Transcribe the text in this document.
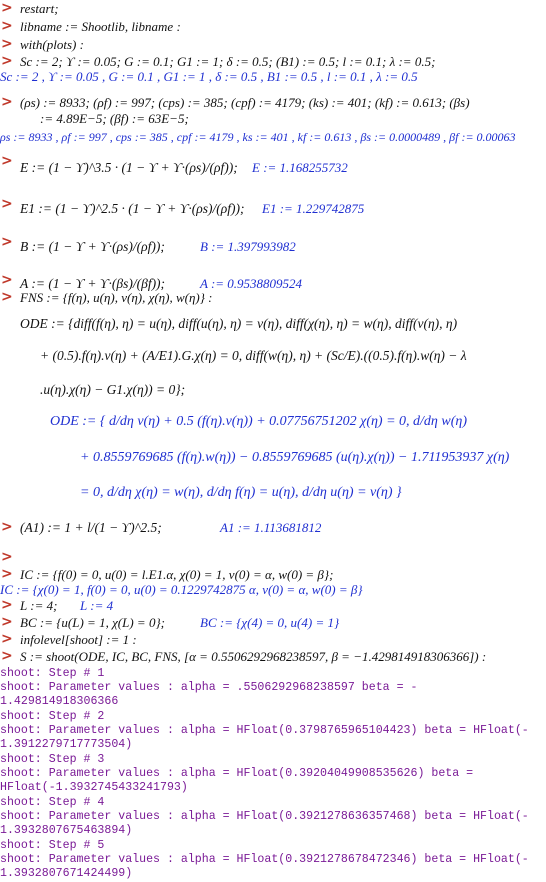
>
>
>
>
>
>
>
>
>
>
>
>
>
>
>
>
>
restart;
libname := Shootlib, libname :
with(plots) :
Sc := 2; ϒ := 0.05; G := 0.1; G1 := 1; δ := 0.5; (B1) := 0.5; l := 0.1; λ := 0.5;
Sc := 2 , ϒ := 0.05 , G := 0.1 , G1 := 1 , δ := 0.5 , B1 := 0.5 , l := 0.1 , λ := 0.5
(ρs) := 8933; (ρf) := 997; (cps) := 385; (cpf) := 4179; (ks) := 401; (kf) := 0.613; (βs)
:= 4.89E−5; (βf) := 63E−5;
ρs := 8933 , ρf := 997 , cps := 385 , cpf := 4179 , ks := 401 , kf := 0.613 , βs := 0.0000489 , βf := 0.00063
E := (1 − ϒ)^3.5 · (1 − ϒ + ϒ·(ρs)/(ρf)); E := 1.168255732
E1 := (1 − ϒ)^2.5 · (1 − ϒ + ϒ·(ρs)/(ρf)); E1 := 1.229742875
B := (1 − ϒ + ϒ·(ρs)/(ρf));	B := 1.397993982
A := (1 − ϒ + ϒ·(βs)/(βf));	A := 0.9538809524
ODE := {diff(f(η), η) = u(η), diff(u(η), η) = v(η), diff(χ(η), η) = w(η), diff(v(η), η)
+ (0.5).f(η).v(η) + (A/E1).G.χ(η) = 0, diff(w(η), η) + (Sc/E).((0.5).f(η).w(η) − λ
.u(η).χ(η) − G1.χ(η)) = 0};
ODE := { d/dη v(η) + 0.5 (f(η).v(η)) + 0.07756751202 χ(η) = 0, d/dη w(η)
+ 0.8559769685 (f(η).w(η)) − 0.8559769685 (u(η).χ(η)) − 1.711953937 χ(η)
= 0, d/dη χ(η) = w(η), d/dη f(η) = u(η), d/dη u(η) = v(η) }
(A1) := 1 + l/(1 − ϒ)^2.5;	A1 := 1.113681812
IC := {f(0) = 0, u(0) = l.E1.α, χ(0) = 1, v(0) = α, w(0) = β};
IC := {χ(0) = 1, f(0) = 0, u(0) = 0.1229742875 α, v(0) = α, w(0) = β}
L := 4; L := 4
BC := {u(L) = 1, χ(L) = 0};	BC := {χ(4) = 0, u(4) = 1}
infolevel[shoot] := 1 :
S := shoot(ODE, IC, BC, FNS, [α = 0.5506292968238597, β = −1.429814918306366]) :
shoot: Step # 1
shoot: Parameter values : alpha = .5506292968238597 beta = -
1.429814918306366
shoot: Step # 2
shoot: Parameter values : alpha = HFloat(0.3798765965104423) beta = HFloat(-
1.3912279717773504)
shoot: Step # 3
shoot: Parameter values : alpha = HFloat(0.39204049908535626) beta =
HFloat(-1.3932745433241793)
shoot: Step # 4
shoot: Parameter values : alpha = HFloat(0.3921278636357468) beta = HFloat(-
1.3932807675463894)
shoot: Step # 5
shoot: Parameter values : alpha = HFloat(0.3921278678472346) beta = HFloat(-
1.3932807671424499)
FNS := {f(η), u(η), v(η), χ(η), w(η)} :
